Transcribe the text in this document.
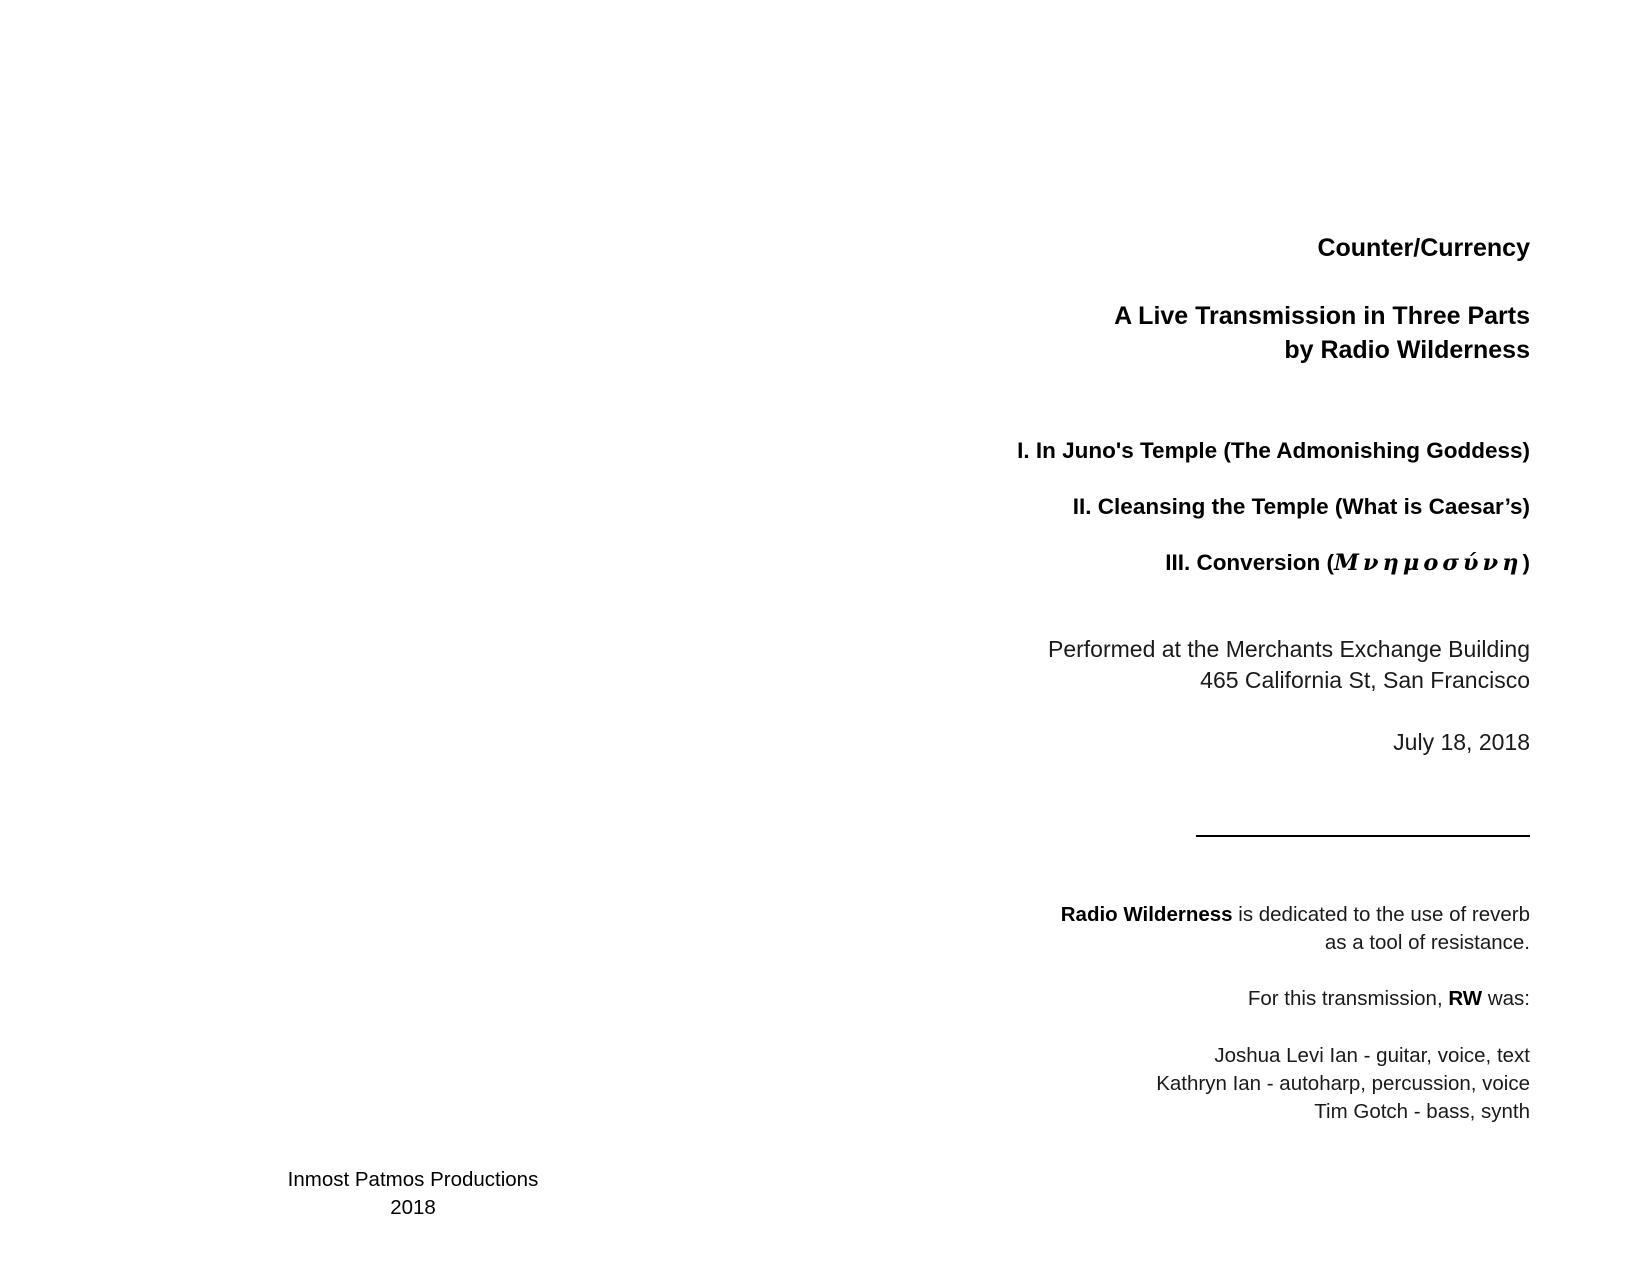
Counter/Currency
A Live Transmission in Three Parts
by Radio Wilderness
I. In Juno's Temple (The Admonishing Goddess)
II. Cleansing the Temple (What is Caesar’s)
III. Conversion (Μνημοσύνη)
Performed at the Merchants Exchange Building
465 California St, San Francisco
July 18, 2018
Radio Wilderness is dedicated to the use of reverb
as a tool of resistance.
For this transmission, RW was:
Joshua Levi Ian - guitar, voice, text
Kathryn Ian - autoharp, percussion, voice
Tim Gotch - bass, synth
Inmost Patmos Productions
2018
